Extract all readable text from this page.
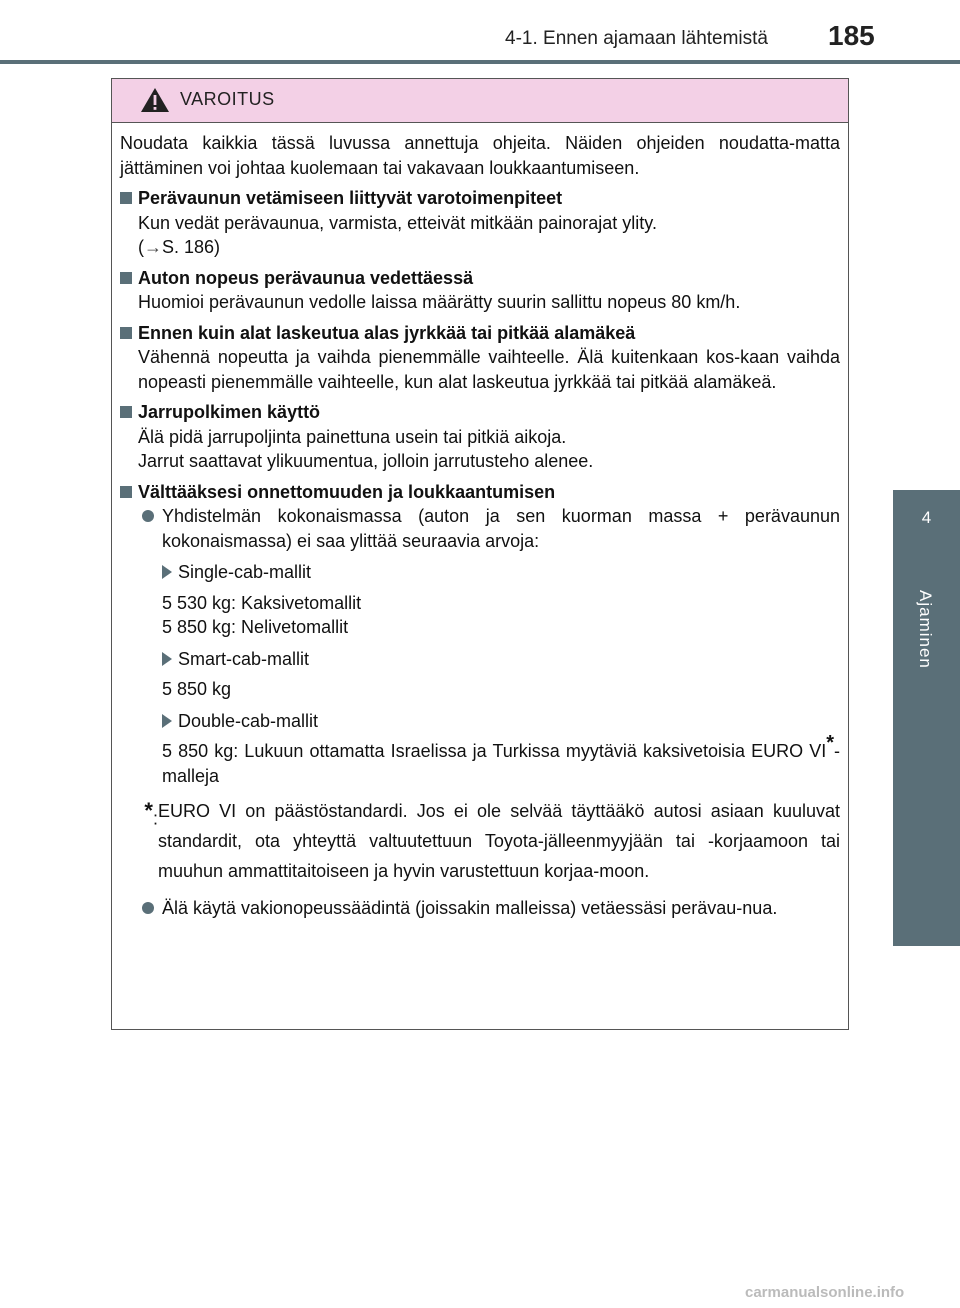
4-1. Ennen ajamaan lähtemistä 185
4
Ajaminen
VAROITUS

Noudata kaikkia tässä luvussa annettuja ohjeita. Näiden ohjeiden noudatta-matta jättäminen voi johtaa kuolemaan tai vakavaan loukkaantumiseen.

Perävaunun vetämiseen liittyvät varotoimenpiteet
Kun vedät perävaunua, varmista, etteivät mitkään painorajat ylity.
(→S. 186)
Auton nopeus perävaunua vedettäessä

Huomioi perävaunun vedolle laissa määrätty suurin sallittu nopeus 80 km/h.

Ennen kuin alat laskeutua alas jyrkkää tai pitkää alamäkeä

Vähennä nopeutta ja vaihda pienemmälle vaihteelle. Älä kuitenkaan kos-kaan vaihda nopeasti pienemmälle vaihteelle, kun alat laskeutua jyrkkää tai pitkää alamäkeä.

Jarrupolkimen käyttö
Älä pidä jarrupoljinta painettuna usein tai pitkiä aikoja.
Jarrut saattavat ylikuumentua, jolloin jarrutusteho alenee.
Välttääksesi onnettomuuden ja loukkaantumisen
Yhdistelmän kokonaismassa (auton ja sen kuorman massa + perävaunun kokonaismassa) ei saa ylittää seuraavia arvoja:
Single-cab-mallit
5 530 kg: Kaksivetomallit
5 850 kg: Nelivetomallit
Smart-cab-mallit
5 850 kg
Double-cab-mallit
5 850 kg: Lukuun ottamatta Israelissa ja Turkissa myytäviä kaksivetoisia EURO VI*-malleja
*: EURO VI on päästöstandardi. Jos ei ole selvää täyttääkö autosi asiaan kuuluvat standardit, ota yhteyttä valtuutettuun Toyota-jälleenmyyjään tai -korjaamoon tai muuhun ammattitaitoiseen ja hyvin varustettuun korjaa-moon.
Älä käytä vakionopeussäädintä (joissakin malleissa) vetäessäsi perävau-nua.
carmanualsonline.info
